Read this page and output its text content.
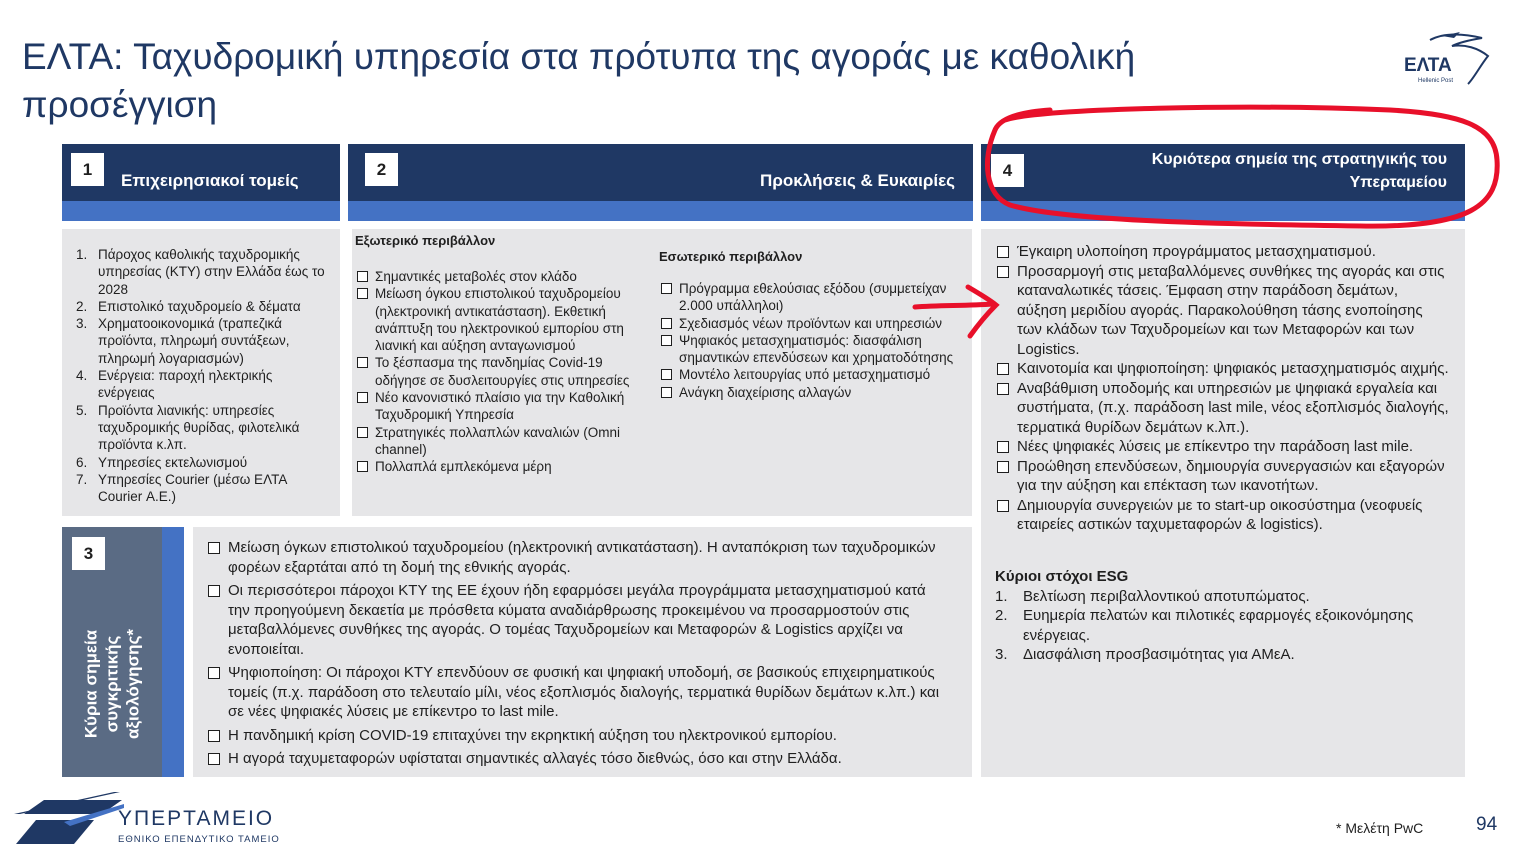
ΕΛΤΑ: Ταχυδρομική υπηρεσία στα πρότυπα της αγοράς με καθολική προσέγγιση
ΕΛΤΑ
Hellenic Post
1
Επιχειρησιακοί τομείς
2
Προκλήσεις & Ευκαιρίες
4
Κυριότερα σημεία της στρατηγικής του
Υπερταμείου
1. Πάροχος καθολικής ταχυδρομικής υπηρεσίας (ΚΤΥ) στην Ελλάδα έως το 2028
2. Επιστολικό ταχυδρομείο & δέματα
3. Χρηματοοικονομικά (τραπεζικά προϊόντα, πληρωμή συντάξεων, πληρωμή λογαριασμών)
4. Ενέργεια: παροχή ηλεκτρικής ενέργειας
5. Προϊόντα λιανικής: υπηρεσίες ταχυδρομικής θυρίδας, φιλοτελικά προϊόντα κ.λπ.
6. Υπηρεσίες εκτελωνισμού
7. Υπηρεσίες Courier (μέσω ΕΛΤΑ Courier Α.Ε.)
Εξωτερικό περιβάλλον
Σημαντικές μεταβολές στον κλάδο
Μείωση όγκου επιστολικού ταχυδρομείου (ηλεκτρονική αντικατάσταση). Εκθετική ανάπτυξη του ηλεκτρονικού εμπορίου στη λιανική και αύξηση ανταγωνισμού
Το ξέσπασμα της πανδημίας Covid-19 οδήγησε σε δυσλειτουργίες στις υπηρεσίες
Νέο κανονιστικό πλαίσιο για την Καθολική Ταχυδρομική Υπηρεσία
Στρατηγικές πολλαπλών καναλιών (Omni channel)
Πολλαπλά εμπλεκόμενα μέρη
Εσωτερικό περιβάλλον
Πρόγραμμα εθελούσιας εξόδου (συμμετείχαν 2.000 υπάλληλοι)
Σχεδιασμός νέων προϊόντων και υπηρεσιών
Ψηφιακός μετασχηματισμός: διασφάλιση σημαντικών επενδύσεων και χρηματοδότησης
Μοντέλο λειτουργίας υπό μετασχηματισμό
Ανάγκη διαχείρισης αλλαγών
3
Κύρια σημεία συγκριτικής αξιολόγησης*
Μείωση όγκων επιστολικού ταχυδρομείου (ηλεκτρονική αντικατάσταση). Η ανταπόκριση των ταχυδρομικών φορέων εξαρτάται από τη δομή της εθνικής αγοράς.
Οι περισσότεροι πάροχοι ΚΤΥ της ΕΕ έχουν ήδη εφαρμόσει μεγάλα προγράμματα μετασχηματισμού κατά την προηγούμενη δεκαετία με πρόσθετα κύματα αναδιάρθρωσης προκειμένου να προσαρμοστούν στις μεταβαλλόμενες συνθήκες της αγοράς. Ο τομέας Ταχυδρομείων και Μεταφορών & Logistics αρχίζει να ενοποιείται.
Ψηφιοποίηση: Οι πάροχοι ΚΤΥ επενδύουν σε φυσική και ψηφιακή υποδομή, σε βασικούς επιχειρηματικούς τομείς (π.χ. παράδοση στο τελευταίο μίλι, νέος εξοπλισμός διαλογής, τερματικά θυρίδων δεμάτων κ.λπ.) και σε νέες ψηφιακές λύσεις με επίκεντρο το last mile.
Η πανδημική κρίση COVID-19 επιταχύνει την εκρηκτική αύξηση του ηλεκτρονικού εμπορίου.
Η αγορά ταχυμεταφορών υφίσταται σημαντικές αλλαγές τόσο διεθνώς, όσο και στην Ελλάδα.
Έγκαιρη υλοποίηση προγράμματος μετασχηματισμού.
Προσαρμογή στις μεταβαλλόμενες συνθήκες της αγοράς και στις καταναλωτικές τάσεις. Έμφαση στην παράδοση δεμάτων, αύξηση μεριδίου αγοράς. Παρακολούθηση τάσης ενοποίησης των κλάδων των Ταχυδρομείων και των Μεταφορών και των Logistics.
Καινοτομία και ψηφιοποίηση: ψηφιακός μετασχηματισμός αιχμής.
Αναβάθμιση υποδομής και υπηρεσιών με ψηφιακά εργαλεία και συστήματα, (π.χ. παράδοση last mile, νέος εξοπλισμός διαλογής, τερματικά θυρίδων δεμάτων κ.λπ.).
Νέες ψηφιακές λύσεις με επίκεντρο την παράδοση last mile.
Προώθηση επενδύσεων, δημιουργία συνεργασιών και εξαγορών για την αύξηση και επέκταση των ικανοτήτων.
Δημιουργία συνεργειών με το start-up οικοσύστημα (νεοφυείς εταιρείες αστικών ταχυμεταφορών & logistics).
Κύριοι στόχοι ESG
1. Βελτίωση περιβαλλοντικού αποτυπώματος.
2. Ευημερία πελατών και πιλοτικές εφαρμογές εξοικονόμησης ενέργειας.
3. Διασφάλιση προσβασιμότητας για ΑΜεΑ.
ΥΠΕΡΤΑΜΕΙΟ
ΕΘΝΙΚΟ ΕΠΕΝΔΥΤΙΚΟ ΤΑΜΕΙΟ
* Μελέτη PwC	94
